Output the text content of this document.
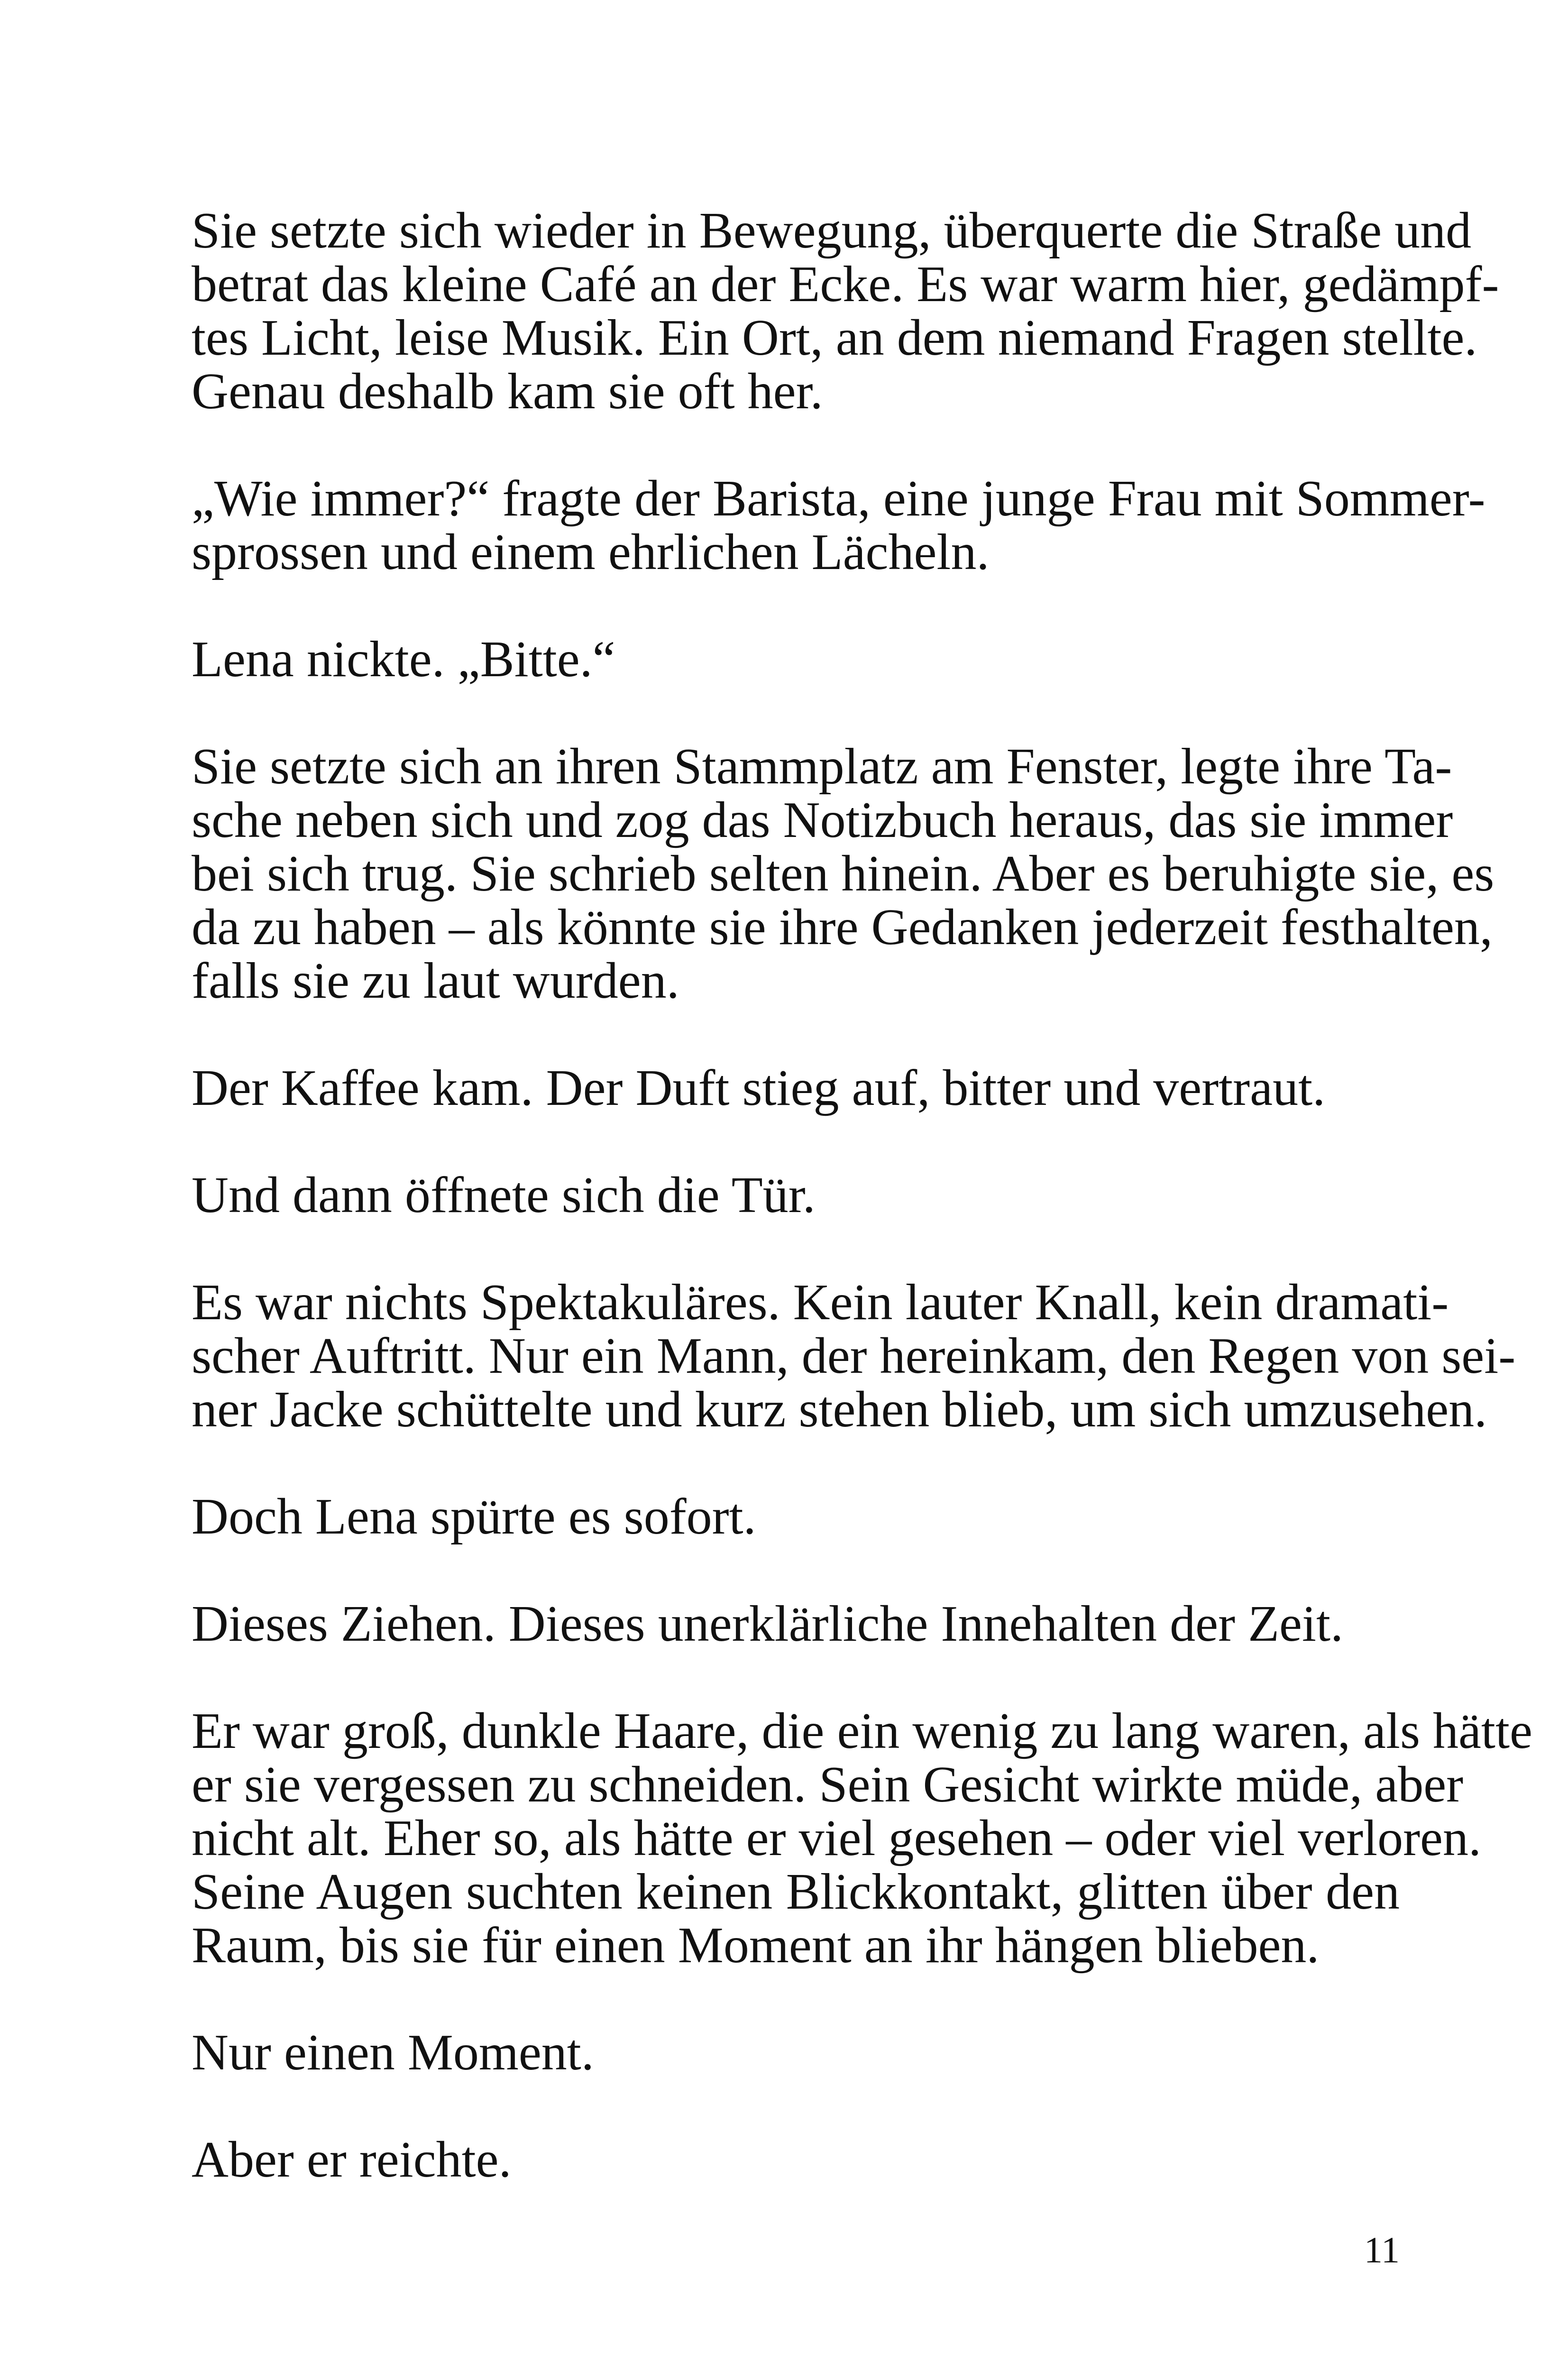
Sie setzte sich wieder in Bewegung, überquerte die Straße und
betrat das kleine Café an der Ecke. Es war warm hier, gedämpf-
tes Licht, leise Musik. Ein Ort, an dem niemand Fragen stellte.
Genau deshalb kam sie oft her.
„Wie immer?“ fragte der Barista, eine junge Frau mit Sommer-
sprossen und einem ehrlichen Lächeln.
Lena nickte. „Bitte.“
Sie setzte sich an ihren Stammplatz am Fenster, legte ihre Ta-
sche neben sich und zog das Notizbuch heraus, das sie immer
bei sich trug. Sie schrieb selten hinein. Aber es beruhigte sie, es
da zu haben – als könnte sie ihre Gedanken jederzeit festhalten,
falls sie zu laut wurden.
Der Kaffee kam. Der Duft stieg auf, bitter und vertraut.
Und dann öffnete sich die Tür.
Es war nichts Spektakuläres. Kein lauter Knall, kein dramati-
scher Auftritt. Nur ein Mann, der hereinkam, den Regen von sei-
ner Jacke schüttelte und kurz stehen blieb, um sich umzusehen.
Doch Lena spürte es sofort.
Dieses Ziehen. Dieses unerklärliche Innehalten der Zeit.
Er war groß, dunkle Haare, die ein wenig zu lang waren, als hätte
er sie vergessen zu schneiden. Sein Gesicht wirkte müde, aber
nicht alt. Eher so, als hätte er viel gesehen – oder viel verloren.
Seine Augen suchten keinen Blickkontakt, glitten über den
Raum, bis sie für einen Moment an ihr hängen blieben.
Nur einen Moment.
Aber er reichte.
11
